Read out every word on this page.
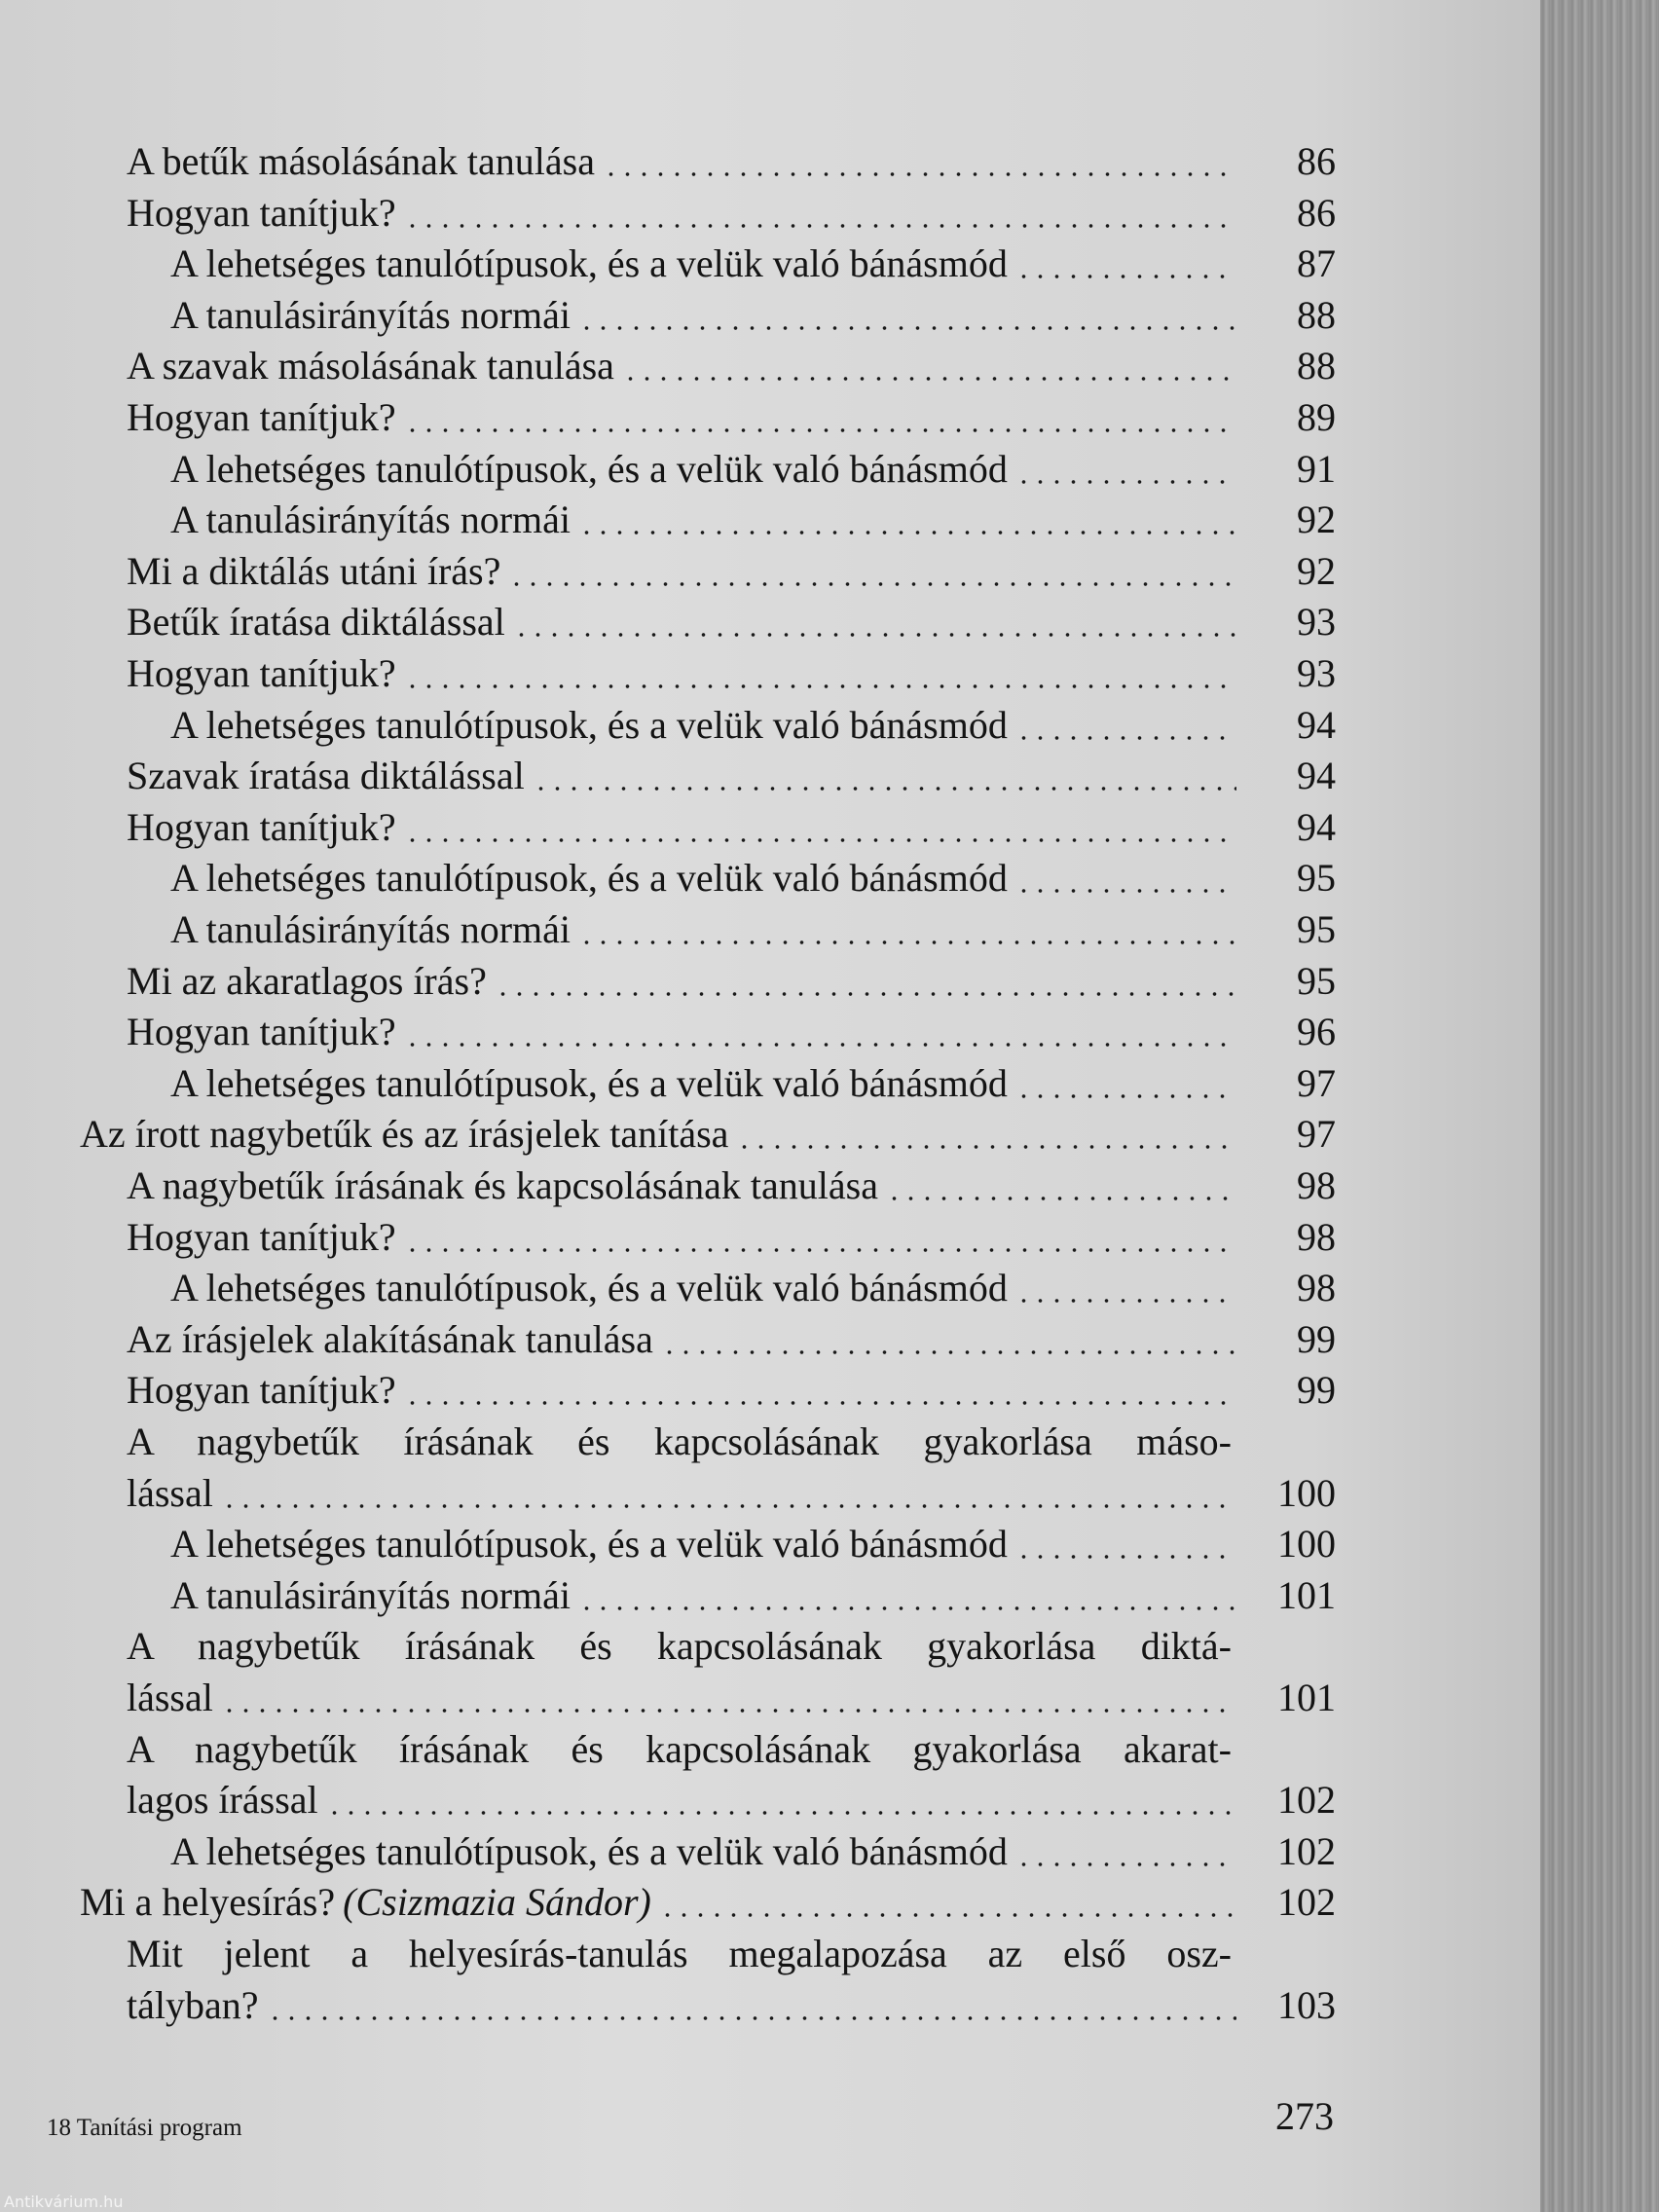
A betűk másolásának tanulása	86
Hogyan tanítjuk?	86
A lehetséges tanulótípusok, és a velük való bánásmód	87
A tanulásirányítás normái	88
A szavak másolásának tanulása	88
Hogyan tanítjuk?	89
A lehetséges tanulótípusok, és a velük való bánásmód	91
A tanulásirányítás normái	92
Mi a diktálás utáni írás?	92
Betűk íratása diktálással	93
Hogyan tanítjuk?	93
A lehetséges tanulótípusok, és a velük való bánásmód	94
Szavak íratása diktálással	94
Hogyan tanítjuk?	94
A lehetséges tanulótípusok, és a velük való bánásmód	95
A tanulásirányítás normái	95
Mi az akaratlagos írás?	95
Hogyan tanítjuk?	96
A lehetséges tanulótípusok, és a velük való bánásmód	97
Az írott nagybetűk és az írásjelek tanítása	97
A nagybetűk írásának és kapcsolásának tanulása	98
Hogyan tanítjuk?	98
A lehetséges tanulótípusok, és a velük való bánásmód	98
Az írásjelek alakításának tanulása	99
Hogyan tanítjuk?	99
A nagybetűk írásának és kapcsolásának gyakorlása máso-
lással	100
A lehetséges tanulótípusok, és a velük való bánásmód	100
A tanulásirányítás normái	101
A nagybetűk írásának és kapcsolásának gyakorlása diktá-
lással	101
A nagybetűk írásának és kapcsolásának gyakorlása akarat-
lagos írással	102
A lehetséges tanulótípusok, és a velük való bánásmód	102
Mi a helyesírás? (Csizmazia Sándor)	102
Mit jelent a helyesírás-tanulás megalapozása az első osz-
tályban?	103
18 Tanítási program	273
Antikvárium.hu
